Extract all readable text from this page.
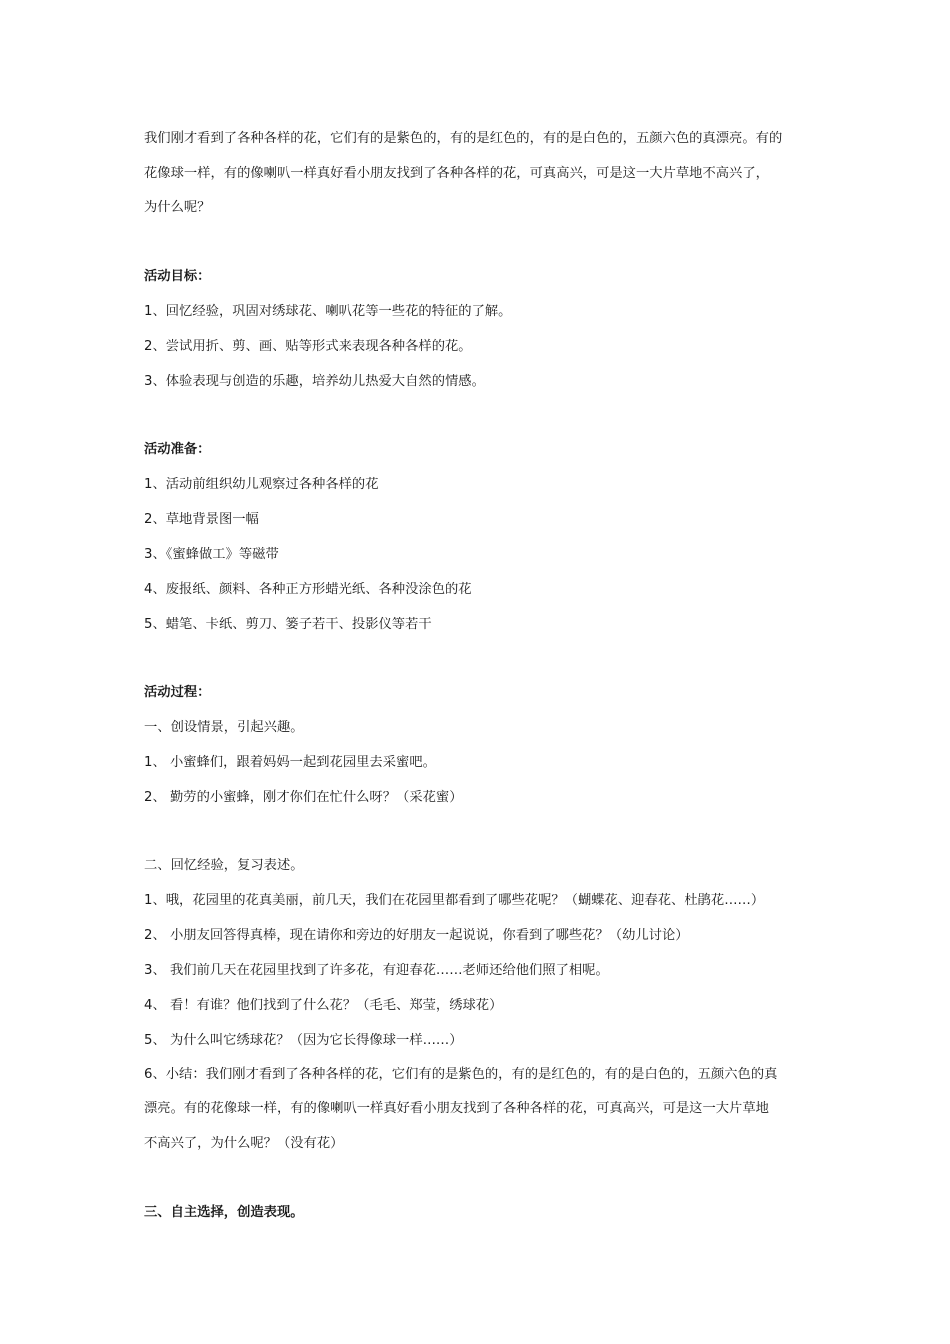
我们刚才看到了各种各样的花，它们有的是紫色的，有的是红色的，有的是白色的，五颜六色的真漂亮。有的

花像球一样，有的像喇叭一样真好看小朋友找到了各种各样的花，可真高兴，可是这一大片草地不高兴了，

为什么呢？

活动目标：

1、回忆经验，巩固对绣球花、喇叭花等一些花的特征的了解。

2、尝试用折、剪、画、贴等形式来表现各种各样的花。

3、体验表现与创造的乐趣，培养幼儿热爱大自然的情感。

活动准备：

1、活动前组织幼儿观察过各种各样的花

2、草地背景图一幅

3、《蜜蜂做工》等磁带

4、废报纸、颜料、各种正方形蜡光纸、各种没涂色的花

5、蜡笔、卡纸、剪刀、篓子若干、投影仪等若干

活动过程：

一、创设情景，引起兴趣。

1、 小蜜蜂们，跟着妈妈一起到花园里去采蜜吧。

2、 勤劳的小蜜蜂，刚才你们在忙什么呀？（采花蜜）

二、回忆经验，复习表述。

1、哦，花园里的花真美丽，前几天，我们在花园里都看到了哪些花呢？（蝴蝶花、迎春花、杜鹃花……）

2、 小朋友回答得真棒，现在请你和旁边的好朋友一起说说，你看到了哪些花？（幼儿讨论）

3、 我们前几天在花园里找到了许多花，有迎春花……老师还给他们照了相呢。

4、 看！有谁？他们找到了什么花？（毛毛、郑莹，绣球花）

5、 为什么叫它绣球花？（因为它长得像球一样……）

6、小结：我们刚才看到了各种各样的花，它们有的是紫色的，有的是红色的，有的是白色的，五颜六色的真

漂亮。有的花像球一样，有的像喇叭一样真好看小朋友找到了各种各样的花，可真高兴，可是这一大片草地

不高兴了，为什么呢？（没有花）

三、自主选择，创造表现。
